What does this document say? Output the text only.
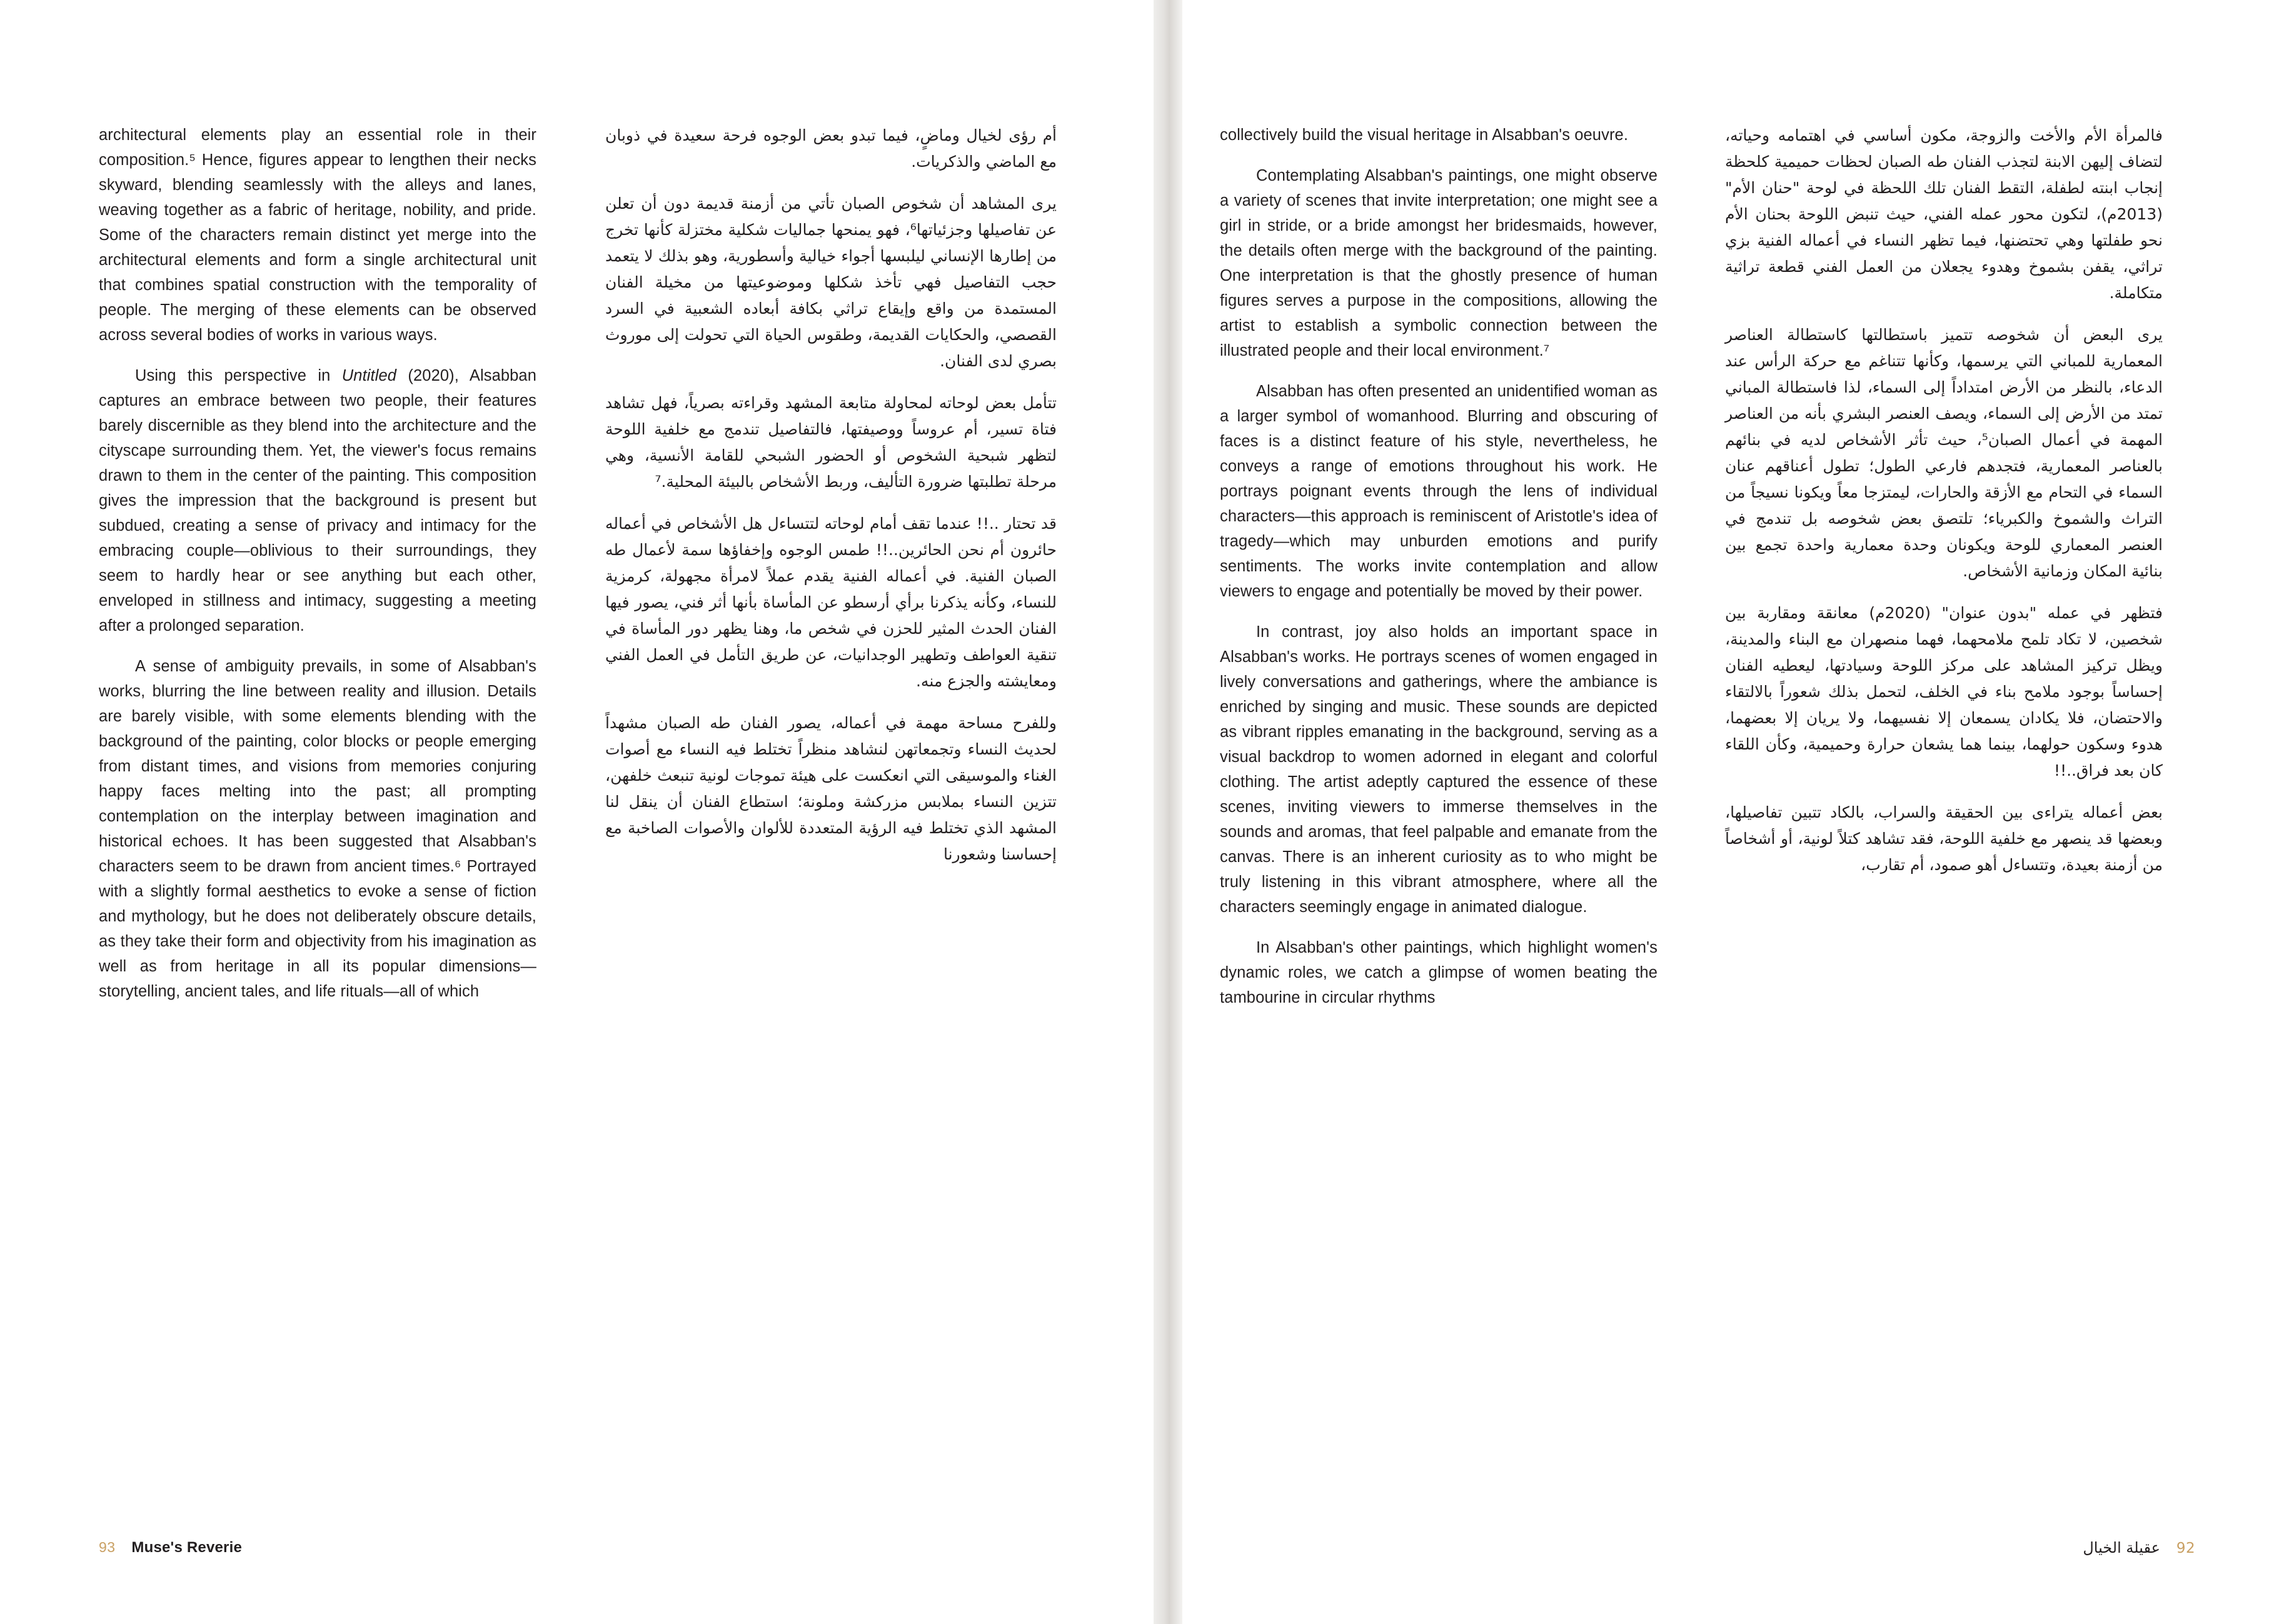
architectural elements play an essential role in their composition.⁵ Hence, figures appear to lengthen their necks skyward, blending seamlessly with the alleys and lanes, weaving together as a fabric of heritage, nobility, and pride. Some of the characters remain distinct yet merge into the architectural elements and form a single architectural unit that combines spatial construction with the temporality of people. The merging of these elements can be observed across several bodies of works in various ways.

Using this perspective in Untitled (2020), Alsabban captures an embrace between two people, their features barely discernible as they blend into the architecture and the cityscape surrounding them. Yet, the viewer's focus remains drawn to them in the center of the painting. This composition gives the impression that the background is present but subdued, creating a sense of privacy and intimacy for the embracing couple—oblivious to their surroundings, they seem to hardly hear or see anything but each other, enveloped in stillness and intimacy, suggesting a meeting after a prolonged separation.

A sense of ambiguity prevails, in some of Alsabban's works, blurring the line between reality and illusion. Details are barely visible, with some elements blending with the background of the painting, color blocks or people emerging from distant times, and visions from memories conjuring happy faces melting into the past; all prompting contemplation on the interplay between imagination and historical echoes. It has been suggested that Alsabban's characters seem to be drawn from ancient times.⁶ Portrayed with a slightly formal aesthetics to evoke a sense of fiction and mythology, but he does not deliberately obscure details, as they take their form and objectivity from his imagination as well as from heritage in all its popular dimensions—storytelling, ancient tales, and life rituals—all of which

أم رؤى لخيال وماضٍ، فيما تبدو بعض الوجوه فرحة سعيدة في ذوبان مع الماضي والذكريات.

يرى المشاهد أن شخوص الصبان تأتي من أزمنة قديمة دون أن تعلن عن تفاصيلها وجزئياتها⁶، فهو يمنحها جماليات شكلية مختزلة كأنها تخرج من إطارها الإنساني ليلبسها أجواء خيالية وأسطورية، وهو بذلك لا يتعمد حجب التفاصيل فهي تأخذ شكلها وموضوعيتها من مخيلة الفنان المستمدة من واقع وإيقاع تراثي بكافة أبعاده الشعبية في السرد القصصي، والحكايات القديمة، وطقوس الحياة التي تحولت إلى موروث بصري لدى الفنان.

تتأمل بعض لوحاته لمحاولة متابعة المشهد وقراءته بصرياً، فهل تشاهد فتاة تسير، أم عروساً ووصيفتها، فالتفاصيل تندمج مع خلفية اللوحة لتظهر شبحية الشخوص أو الحضور الشبحي للقامة الأنسية، وهي مرحلة تطلبتها ضرورة التأليف، وربط الأشخاص بالبيئة المحلية.⁷

قد تحتار ..!! عندما تقف أمام لوحاته لتتساءل هل الأشخاص في أعماله حائرون أم نحن الحائرين..!! طمس الوجوه وإخفاؤها سمة لأعمال طه الصبان الفنية. في أعماله الفنية يقدم عملاً لامرأة مجهولة، كرمزية للنساء، وكأنه يذكرنا برأي أرسطو عن المأساة بأنها أثر فني، يصور فيها الفنان الحدث المثير للحزن في شخص ما، وهنا يظهر دور المأساة في تنقية العواطف وتطهير الوجدانيات، عن طريق التأمل في العمل الفني ومعايشته والجزع منه.

وللفرح مساحة مهمة في أعماله، يصور الفنان طه الصبان مشهداً لحديث النساء وتجمعاتهن لنشاهد منظراً تختلط فيه النساء مع أصوات الغناء والموسيقى التي انعكست على هيئة تموجات لونية تنبعث خلفهن، تتزين النساء بملابس مزركشة وملونة؛ استطاع الفنان أن ينقل لنا المشهد الذي تختلط فيه الرؤية المتعددة للألوان والأصوات الصاخبة مع إحساسنا وشعورنا

93 Muse's Reverie

collectively build the visual heritage in Alsabban's oeuvre.

Contemplating Alsabban's paintings, one might observe a variety of scenes that invite interpretation; one might see a girl in stride, or a bride amongst her bridesmaids, however, the details often merge with the background of the painting. One interpretation is that the ghostly presence of human figures serves a purpose in the compositions, allowing the artist to establish a symbolic connection between the illustrated people and their local environment.⁷

Alsabban has often presented an unidentified woman as a larger symbol of womanhood. Blurring and obscuring of faces is a distinct feature of his style, nevertheless, he conveys a range of emotions throughout his work. He portrays poignant events through the lens of individual characters—this approach is reminiscent of Aristotle's idea of tragedy—which may unburden emotions and purify sentiments. The works invite contemplation and allow viewers to engage and potentially be moved by their power.

In contrast, joy also holds an important space in Alsabban's works. He portrays scenes of women engaged in lively conversations and gatherings, where the ambiance is enriched by singing and music. These sounds are depicted as vibrant ripples emanating in the background, serving as a visual backdrop to women adorned in elegant and colorful clothing. The artist adeptly captured the essence of these scenes, inviting viewers to immerse themselves in the sounds and aromas, that feel palpable and emanate from the canvas. There is an inherent curiosity as to who might be truly listening in this vibrant atmosphere, where all the characters seemingly engage in animated dialogue.

In Alsabban's other paintings, which highlight women's dynamic roles, we catch a glimpse of women beating the tambourine in circular rhythms

فالمرأة الأم والأخت والزوجة، مكون أساسي في اهتمامه وحياته، لتضاف إليهن الابنة لتجذب الفنان طه الصبان لحظات حميمية كلحظة إنجاب ابنته لطفلة، التقط الفنان تلك اللحظة في لوحة "حنان الأم" (2013م)، لتكون محور عمله الفني، حيث تنبض اللوحة بحنان الأم نحو طفلتها وهي تحتضنها، فيما تظهر النساء في أعماله الفنية بزي تراثي، يقفن بشموخ وهدوء يجعلان من العمل الفني قطعة تراثية متكاملة.

يرى البعض أن شخوصه تتميز باستطالتها كاستطالة العناصر المعمارية للمباني التي يرسمها، وكأنها تتناغم مع حركة الرأس عند الدعاء، بالنظر من الأرض امتداداً إلى السماء، لذا فاستطالة المباني تمتد من الأرض إلى السماء، ويصف العنصر البشري بأنه من العناصر المهمة في أعمال الصبان⁵، حيث تأثر الأشخاص لديه في بنائهم بالعناصر المعمارية، فتجدهم فارعي الطول؛ تطول أعناقهم عنان السماء في التحام مع الأزقة والحارات، ليمتزجا معاً ويكونا نسيجاً من التراث والشموخ والكبرياء؛ تلتصق بعض شخوصه بل تندمج في العنصر المعماري للوحة ويكونان وحدة معمارية واحدة تجمع بين بنائية المكان وزمانية الأشخاص.

فتظهر في عمله "بدون عنوان" (2020م) معانقة ومقاربة بين شخصين، لا تكاد تلمح ملامحهما، فهما منصهران مع البناء والمدينة، ويظل تركيز المشاهد على مركز اللوحة وسيادتها، ليعطيه الفنان إحساساً بوجود ملامح بناء في الخلف، لتحمل بذلك شعوراً بالالتقاء والاحتضان، فلا يكادان يسمعان إلا نفسيهما، ولا يريان إلا بعضهما، هدوء وسكون حولهما، بينما هما يشعان حرارة وحميمية، وكأن اللقاء كان بعد فراق..!!

بعض أعماله يتراءى بين الحقيقة والسراب، بالكاد تتبين تفاصيلها، وبعضها قد ينصهر مع خلفية اللوحة، فقد تشاهد كتلاً لونية، أو أشخاصاً من أزمنة بعيدة، وتتساءل أهو صمود، أم تقارب،

92
عقيلة الخيال
